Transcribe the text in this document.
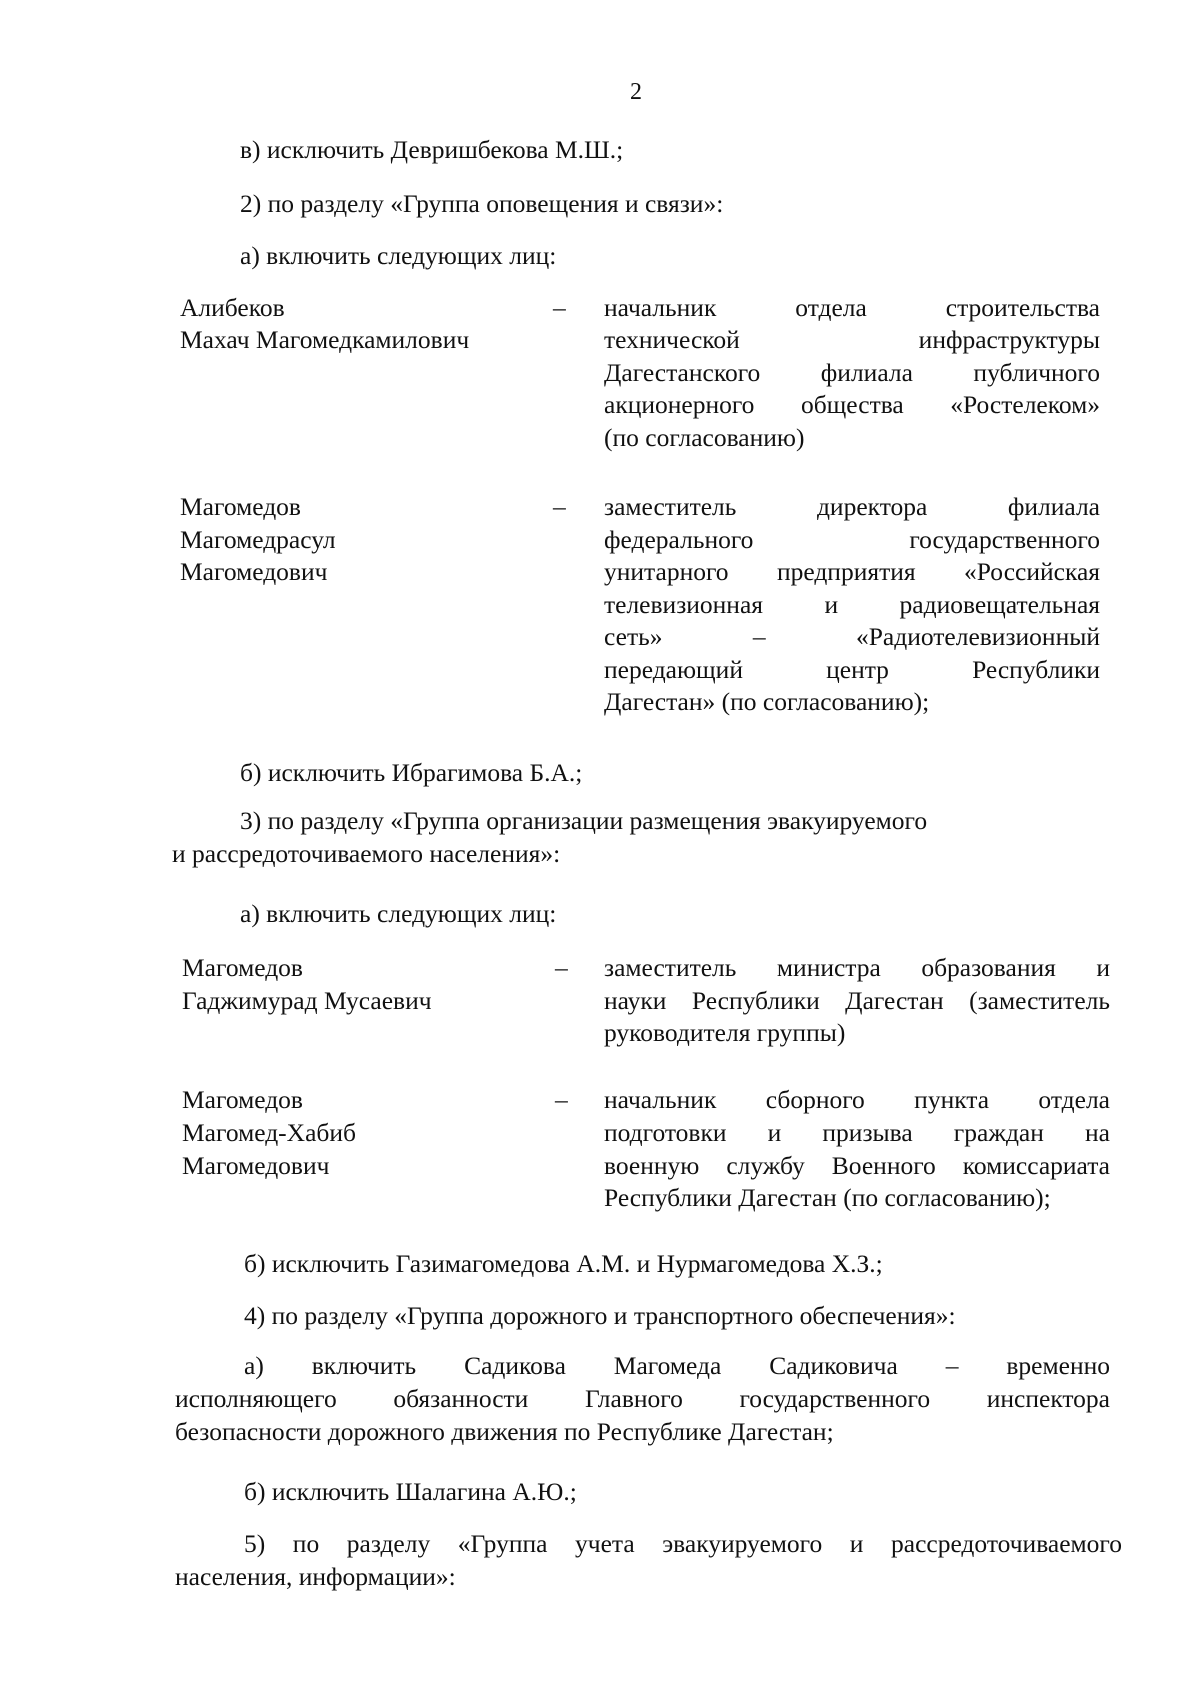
2
в) исключить Девришбекова М.Ш.;
2) по разделу «Группа оповещения и связи»:
а) включить следующих лиц:
Алибеков
Махач Магомедкамилович
– начальник отдела строительства
технической инфраструктуры
Дагестанского филиала публичного
акционерного общества «Ростелеком»
(по согласованию)
Магомедов
Магомедрасул
Магомедович
– заместитель директора филиала
федерального государственного
унитарного предприятия «Российская
телевизионная и радиовещательная
сеть» – «Радиотелевизионный
передающий центр Республики
Дагестан» (по согласованию);
б) исключить Ибрагимова Б.А.;
3) по разделу «Группа организации размещения эвакуируемого
и рассредоточиваемого населения»:
а) включить следующих лиц:
Магомедов
Гаджимурад Мусаевич
– заместитель министра образования и
науки Республики Дагестан (заместитель
руководителя группы)
Магомедов
Магомед-Хабиб
Магомедович
– начальник сборного пункта отдела
подготовки и призыва граждан на
военную службу Военного комиссариата
Республики Дагестан (по согласованию);
б) исключить Газимагомедова А.М. и Нурмагомедова Х.З.;
4) по разделу «Группа дорожного и транспортного обеспечения»:
а) включить Садикова Магомеда Садиковича – временно
исполняющего обязанности Главного государственного инспектора
безопасности дорожного движения по Республике Дагестан;
б) исключить Шалагина А.Ю.;
5) по разделу «Группа учета эвакуируемого и рассредоточиваемого
населения, информации»:
